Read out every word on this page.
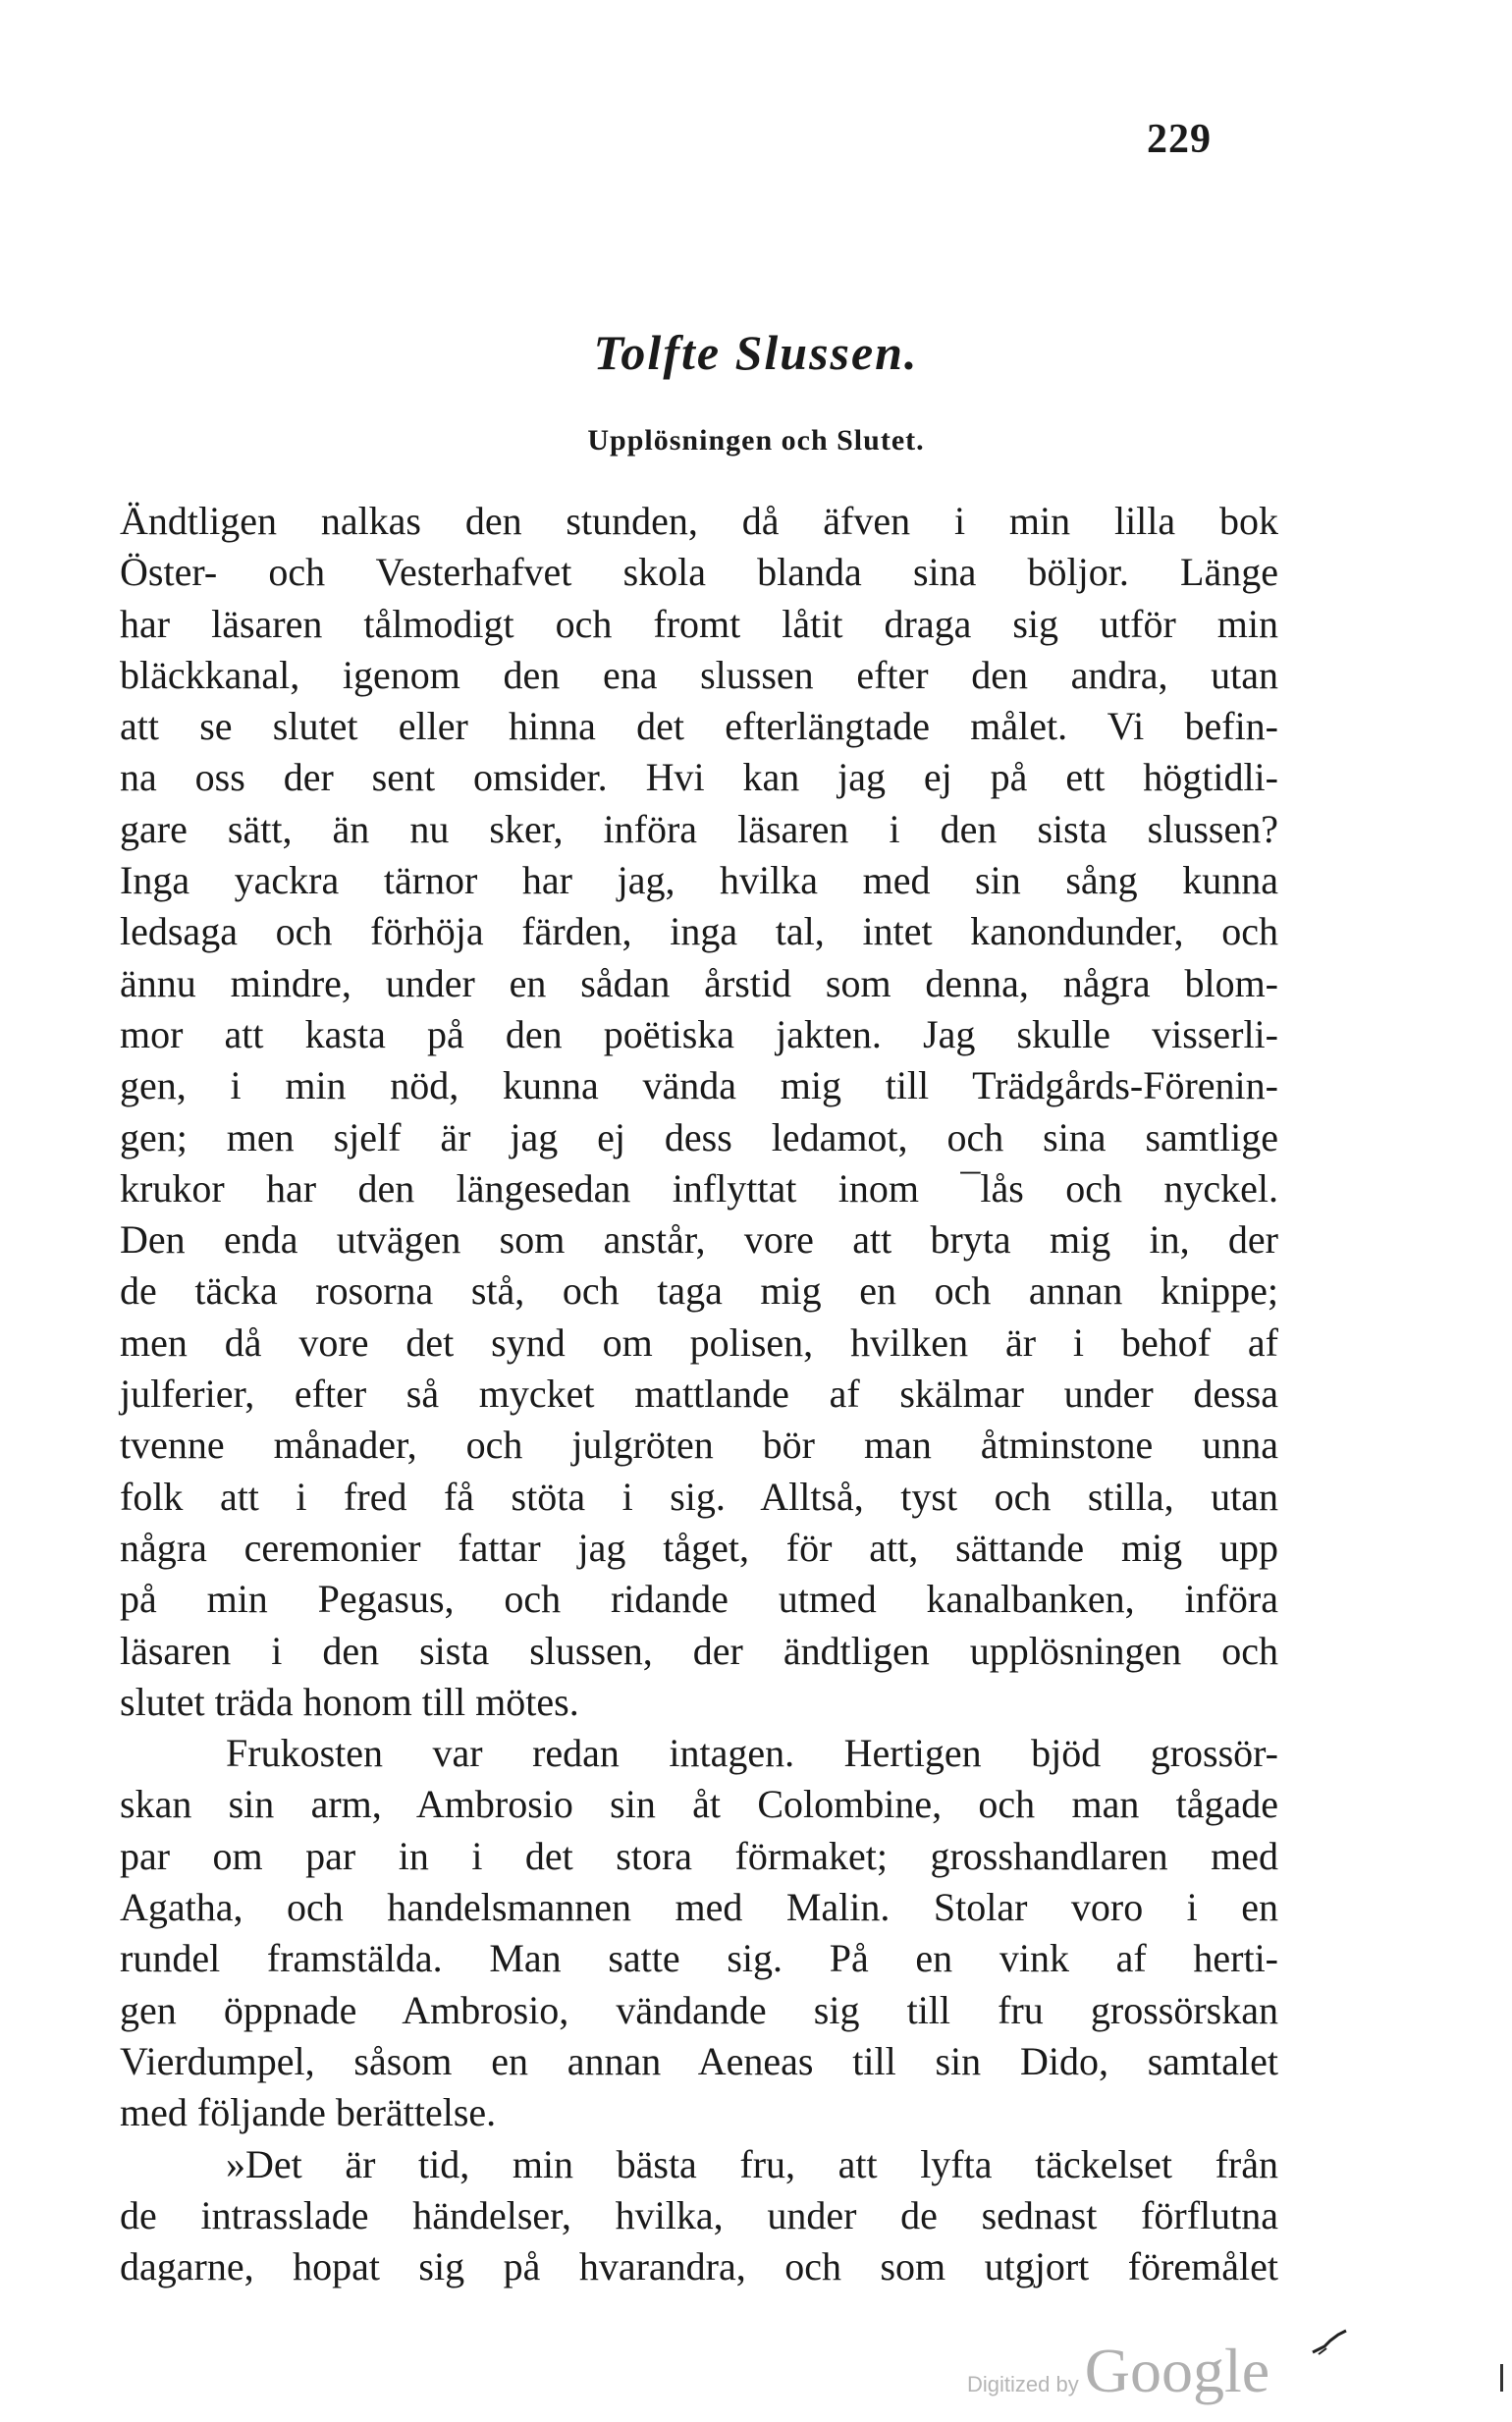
229
Tolfte Slussen.
Upplösningen och Slutet.
Ändtligen nalkas den stunden, då äfven i min lilla bok
Öster- och Vesterhafvet skola blanda sina böljor. Länge
har läsaren tålmodigt och fromt låtit draga sig utför min
bläckkanal, igenom den ena slussen efter den andra, utan
att se slutet eller hinna det efterlängtade målet. Vi befin-
na oss der sent omsider. Hvi kan jag ej på ett högtidli-
gare sätt, än nu sker, införa läsaren i den sista slussen?
Inga yackra tärnor har jag, hvilka med sin sång kunna
ledsaga och förhöja färden, inga tal, intet kanondunder, och
ännu mindre, under en sådan årstid som denna, några blom-
mor att kasta på den poëtiska jakten. Jag skulle visserli-
gen, i min nöd, kunna vända mig till Trädgårds-Förenin-
gen; men sjelf är jag ej dess ledamot, och sina samtlige
krukor har den längesedan inflyttat inom ¯lås och nyckel.
Den enda utvägen som anstår, vore att bryta mig in, der
de täcka rosorna stå, och taga mig en och annan knippe;
men då vore det synd om polisen, hvilken är i behof af
julferier, efter så mycket mattlande af skälmar under dessa
tvenne månader, och julgröten bör man åtminstone unna
folk att i fred få stöta i sig. Alltså, tyst och stilla, utan
några ceremonier fattar jag tåget, för att, sättande mig upp
på min Pegasus, och ridande utmed kanalbanken, införa
läsaren i den sista slussen, der ändtligen upplösningen och
slutet träda honom till mötes.
Frukosten var redan intagen. Hertigen bjöd grossör-
skan sin arm, Ambrosio sin åt Colombine, och man tågade
par om par in i det stora förmaket; grosshandlaren med
Agatha, och handelsmannen med Malin. Stolar voro i en
rundel framstälda. Man satte sig. På en vink af herti-
gen öppnade Ambrosio, vändande sig till fru grossörskan
Vierdumpel, såsom en annan Aeneas till sin Dido, samtalet
med följande berättelse.
»Det är tid, min bästa fru, att lyfta täckelset från
de intrasslade händelser, hvilka, under de sednast förflutna
dagarne, hopat sig på hvarandra, och som utgjort föremålet
Digitized by Google
